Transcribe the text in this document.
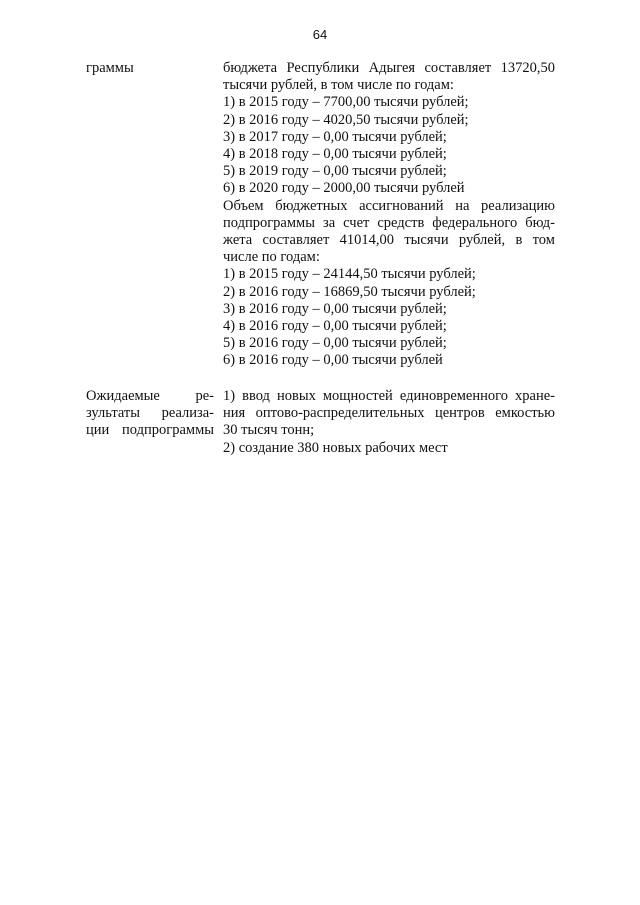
64
граммы	бюджета Республики Адыгея составляет 13720,50
тысячи рублей, в том числе по годам:
1) в 2015 году – 7700,00 тысячи рублей;
2) в 2016 году – 4020,50 тысячи рублей;
3) в 2017 году – 0,00 тысячи рублей;
4) в 2018 году – 0,00 тысячи рублей;
5) в 2019 году – 0,00 тысячи рублей;
6) в 2020 году – 2000,00 тысячи рублей
Объем бюджетных ассигнований на реализацию
подпрограммы за счет средств федерального бюд-
жета составляет 41014,00 тысячи рублей, в том
числе по годам:
1) в 2015 году – 24144,50 тысячи рублей;
2) в 2016 году – 16869,50 тысячи рублей;
3) в 2016 году – 0,00 тысячи рублей;
4) в 2016 году – 0,00 тысячи рублей;
5) в 2016 году – 0,00 тысячи рублей;
6) в 2016 году – 0,00 тысячи рублей
Ожидаемые ре-
зультаты реализа-
ции подпрограммы
1) ввод новых мощностей единовременного хране-
ния оптово-распределительных центров емкостью
30 тысяч тонн;
2) создание 380 новых рабочих мест
